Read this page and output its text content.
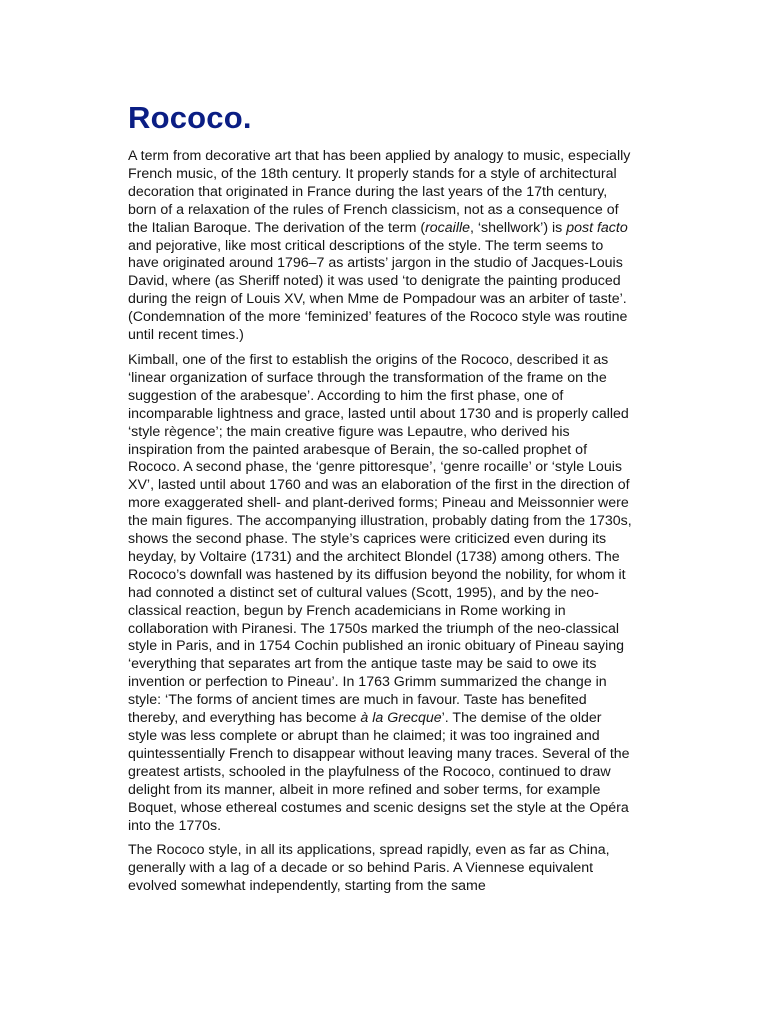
Rococo.

A term from decorative art that has been applied by analogy to music, especially French music, of the 18th century. It properly stands for a style of architectural decoration that originated in France during the last years of the 17th century, born of a relaxation of the rules of French classicism, not as a consequence of the Italian Baroque. The derivation of the term (rocaille, ‘shellwork’) is post facto and pejorative, like most critical descriptions of the style. The term seems to have originated around 1796–7 as artists’ jargon in the studio of Jacques-Louis David, where (as Sheriff noted) it was used ‘to denigrate the painting produced during the reign of Louis XV, when Mme de Pompadour was an arbiter of taste’. (Condemnation of the more ‘feminized’ features of the Rococo style was routine until recent times.)

Kimball, one of the first to establish the origins of the Rococo, described it as ‘linear organization of surface through the transformation of the frame on the suggestion of the arabesque’. According to him the first phase, one of incomparable lightness and grace, lasted until about 1730 and is properly called ‘style règence’; the main creative figure was Lepautre, who derived his inspiration from the painted arabesque of Berain, the so-called prophet of Rococo. A second phase, the ‘genre pittoresque’, ‘genre rocaille’ or ‘style Louis XV’, lasted until about 1760 and was an elaboration of the first in the direction of more exaggerated shell- and plant-derived forms; Pineau and Meissonnier were the main figures. The accompanying illustration, probably dating from the 1730s, shows the second phase. The style’s caprices were criticized even during its heyday, by Voltaire (1731) and the architect Blondel (1738) among others. The Rococo’s downfall was hastened by its diffusion beyond the nobility, for whom it had connoted a distinct set of cultural values (Scott, 1995), and by the neo-classical reaction, begun by French academicians in Rome working in collaboration with Piranesi. The 1750s marked the triumph of the neo-classical style in Paris, and in 1754 Cochin published an ironic obituary of Pineau saying ‘everything that separates art from the antique taste may be said to owe its invention or perfection to Pineau’. In 1763 Grimm summarized the change in style: ‘The forms of ancient times are much in favour. Taste has benefited thereby, and everything has become à la Grecque’. The demise of the older style was less complete or abrupt than he claimed; it was too ingrained and quintessentially French to disappear without leaving many traces. Several of the greatest artists, schooled in the playfulness of the Rococo, continued to draw delight from its manner, albeit in more refined and sober terms, for example Boquet, whose ethereal costumes and scenic designs set the style at the Opéra into the 1770s.

The Rococo style, in all its applications, spread rapidly, even as far as China, generally with a lag of a decade or so behind Paris. A Viennese equivalent evolved somewhat independently, starting from the same
